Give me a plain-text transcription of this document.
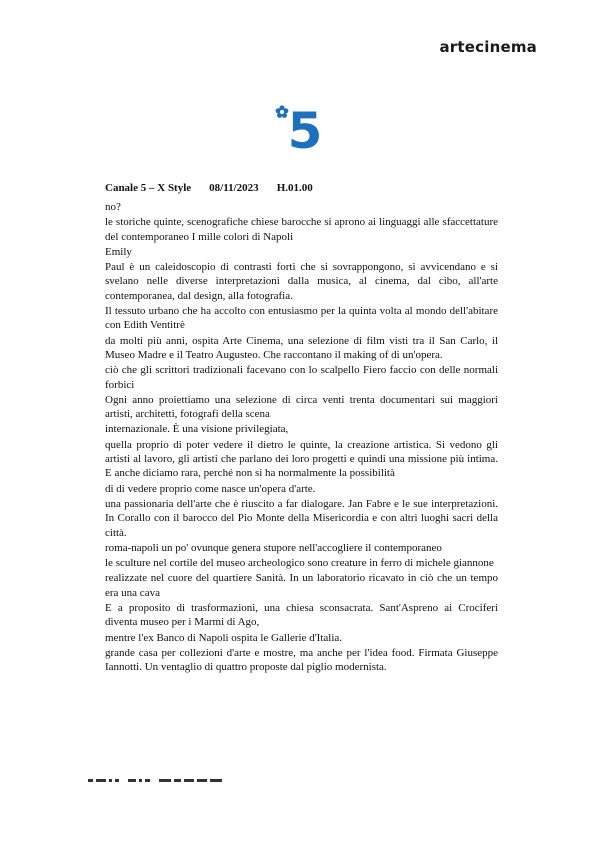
artecinema
5
Canale 5 – X Style 08/11/2023 H.01.00

no?

le storiche quinte, scenografiche chiese barocche si aprono ai linguaggi alle sfaccettature del contemporaneo I mille colori di Napoli

Emily

Paul è un caleidoscopio di contrasti forti che si sovrappongono, si avvicendano e si svelano nelle diverse interpretazioni dalla musica, al cinema, dal cibo, all'arte contemporanea, dal design, alla fotografia.

Il tessuto urbano che ha accolto con entusiasmo per la quinta volta al mondo dell'abitare con Edith Ventitrè

da molti più anni, ospita Arte Cinema, una selezione di film visti tra il San Carlo, il Museo Madre e il Teatro Augusteo. Che raccontano il making of di un'opera.

ciò che gli scrittori tradizionali facevano con lo scalpello Fiero faccio con delle normali forbici

Ogni anno proiettiamo una selezione di circa venti trenta documentari sui maggiori artisti, architetti, fotografi della scena

internazionale. È una visione privilegiata,

quella proprio di poter vedere il dietro le quinte, la creazione artistica. Si vedono gli artisti al lavoro, gli artisti che parlano dei loro progetti e quindi una missione più intima. E anche diciamo rara, perché non si ha normalmente la possibilità

di di vedere proprio come nasce un'opera d'arte.

una passionaria dell'arte che è riuscito a far dialogare. Jan Fabre e le sue interpretazioni. In Corallo con il barocco del Pio Monte della Misericordia e con altri luoghi sacri della città.

roma-napoli un po' ovunque genera stupore nell'accogliere il contemporaneo

le sculture nel cortile del museo archeologico sono creature in ferro di michele giannone

realizzate nel cuore del quartiere Sanità. In un laboratorio ricavato in ciò che un tempo era una cava

E a proposito di trasformazioni, una chiesa sconsacrata. Sant'Aspreno ai Crociferi diventa museo per i Marmi di Ago,

mentre l'ex Banco di Napoli ospita le Gallerie d'Italia.

grande casa per collezioni d'arte e mostre, ma anche per l'idea food. Firmata Giuseppe Iannotti. Un ventaglio di quattro proposte dal piglio modernista.
